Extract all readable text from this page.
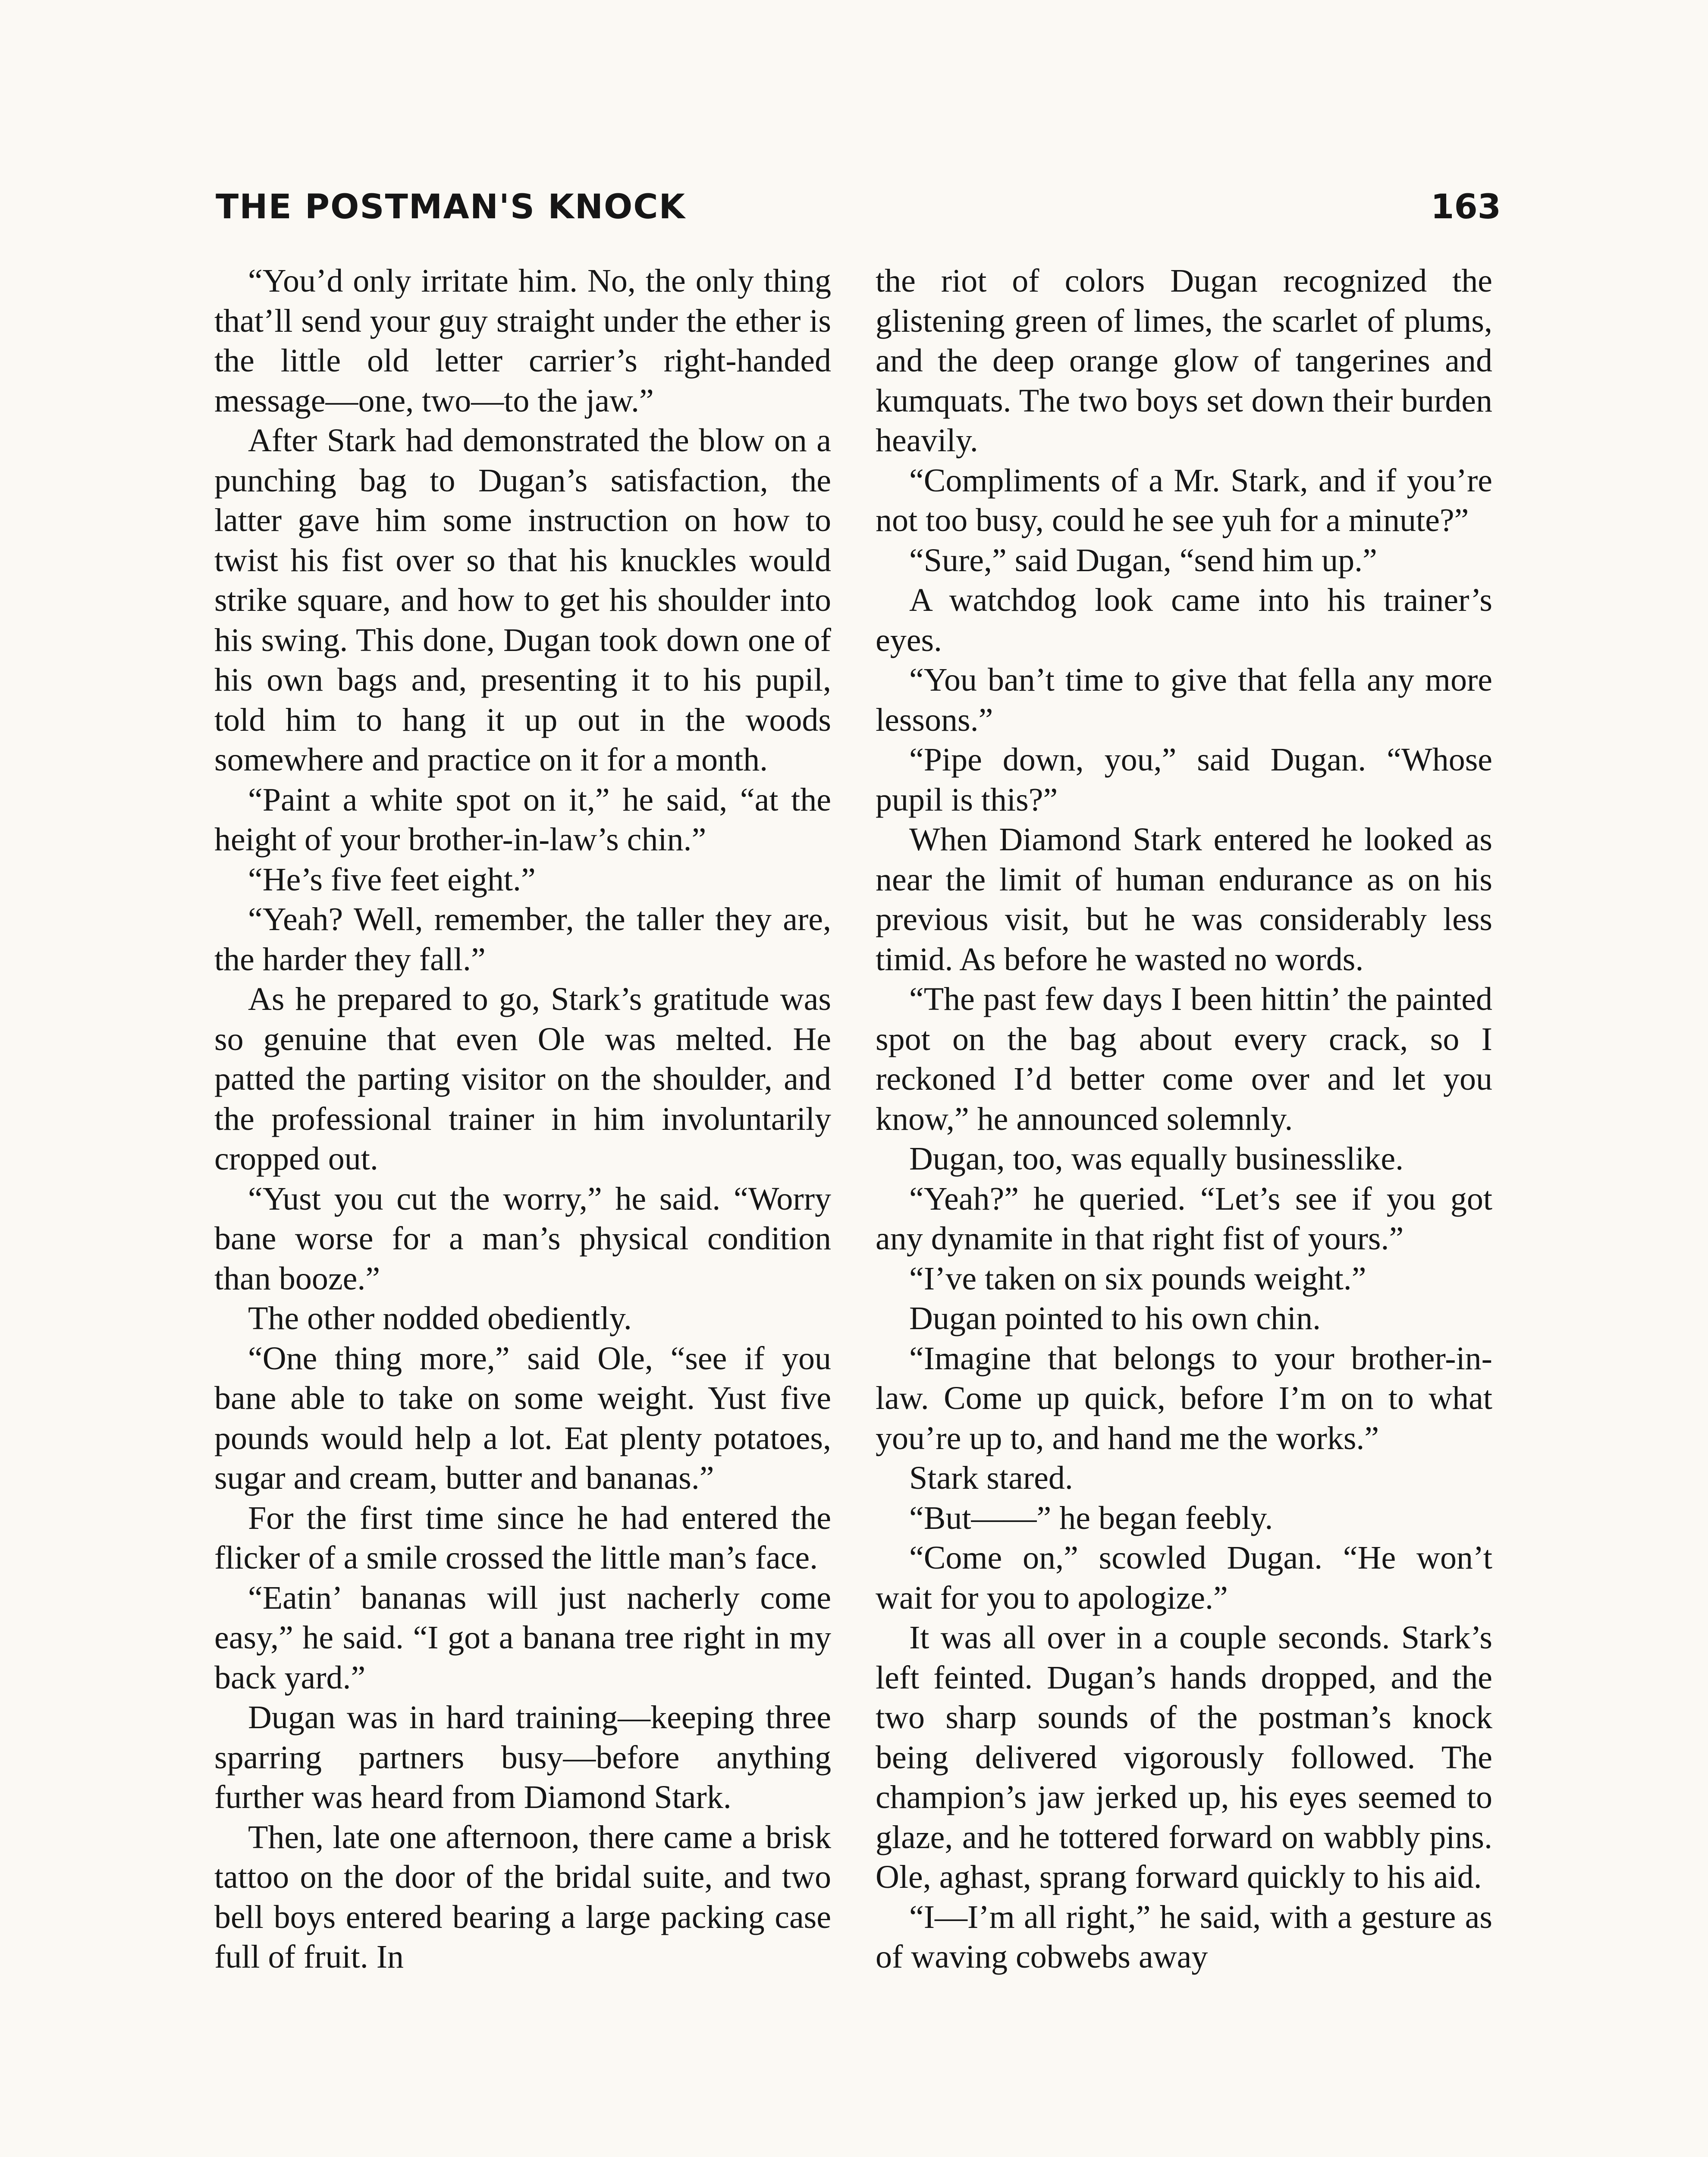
THE POSTMAN'S KNOCK	163

“You’d only irritate him. No, the only thing that’ll send your guy straight under the ether is the little old letter carrier’s right-handed message—one, two—to the jaw.”

After Stark had demonstrated the blow on a punching bag to Dugan’s satisfaction, the latter gave him some instruction on how to twist his fist over so that his knuckles would strike square, and how to get his shoulder into his swing. This done, Dugan took down one of his own bags and, presenting it to his pupil, told him to hang it up out in the woods somewhere and practice on it for a month.

“Paint a white spot on it,” he said, “at the height of your brother-in-law’s chin.”

“He’s five feet eight.”

“Yeah? Well, remember, the taller they are, the harder they fall.”

As he prepared to go, Stark’s gratitude was so genuine that even Ole was melted. He patted the parting visitor on the shoulder, and the professional trainer in him involuntarily cropped out.

“Yust you cut the worry,” he said. “Worry bane worse for a man’s physical condition than booze.”

The other nodded obediently.

“One thing more,” said Ole, “see if you bane able to take on some weight. Yust five pounds would help a lot. Eat plenty potatoes, sugar and cream, butter and bananas.”

For the first time since he had entered the flicker of a smile crossed the little man’s face.

“Eatin’ bananas will just nacherly come easy,” he said. “I got a banana tree right in my back yard.”

Dugan was in hard training—keeping three sparring partners busy—before anything further was heard from Diamond Stark.

Then, late one afternoon, there came a brisk tattoo on the door of the bridal suite, and two bell boys entered bearing a large packing case full of fruit. In

the riot of colors Dugan recognized the glistening green of limes, the scarlet of plums, and the deep orange glow of tangerines and kumquats. The two boys set down their burden heavily.

“Compliments of a Mr. Stark, and if you’re not too busy, could he see yuh for a minute?”

“Sure,” said Dugan, “send him up.”

A watchdog look came into his trainer’s eyes.

“You ban’t time to give that fella any more lessons.”

“Pipe down, you,” said Dugan. “Whose pupil is this?”

When Diamond Stark entered he looked as near the limit of human endurance as on his previous visit, but he was considerably less timid. As before he wasted no words.

“The past few days I been hittin’ the painted spot on the bag about every crack, so I reckoned I’d better come over and let you know,” he announced solemnly.

Dugan, too, was equally businesslike.

“Yeah?” he queried. “Let’s see if you got any dynamite in that right fist of yours.”

“I’ve taken on six pounds weight.”

Dugan pointed to his own chin.

“Imagine that belongs to your brother-in-law. Come up quick, before I’m on to what you’re up to, and hand me the works.”

Stark stared.

“But——” he began feebly.

“Come on,” scowled Dugan. “He won’t wait for you to apologize.”

It was all over in a couple seconds. Stark’s left feinted. Dugan’s hands dropped, and the two sharp sounds of the postman’s knock being delivered vigorously followed. The champion’s jaw jerked up, his eyes seemed to glaze, and he tottered forward on wabbly pins. Ole, aghast, sprang forward quickly to his aid.

“I—I’m all right,” he said, with a gesture as of waving cobwebs away
